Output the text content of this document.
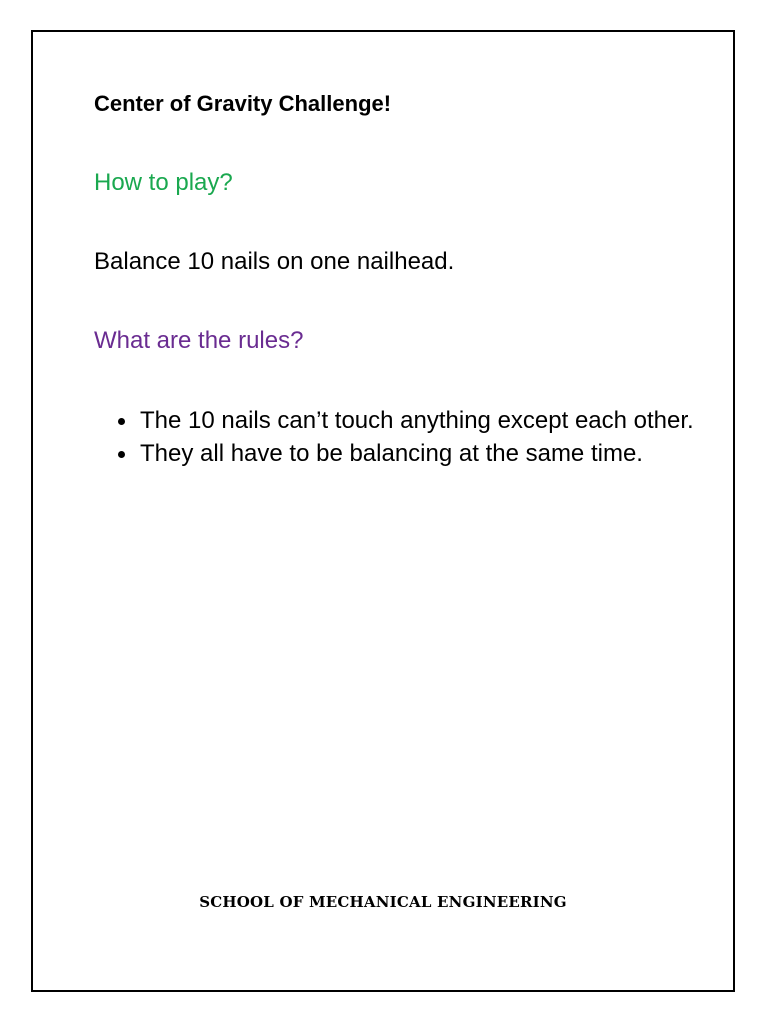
Center of Gravity Challenge!
How to play?

Balance 10 nails on one nailhead.

What are the rules?
The 10 nails can’t touch anything except each other.
They all have to be balancing at the same time.

SCHOOL OF MECHANICAL ENGINEERING
